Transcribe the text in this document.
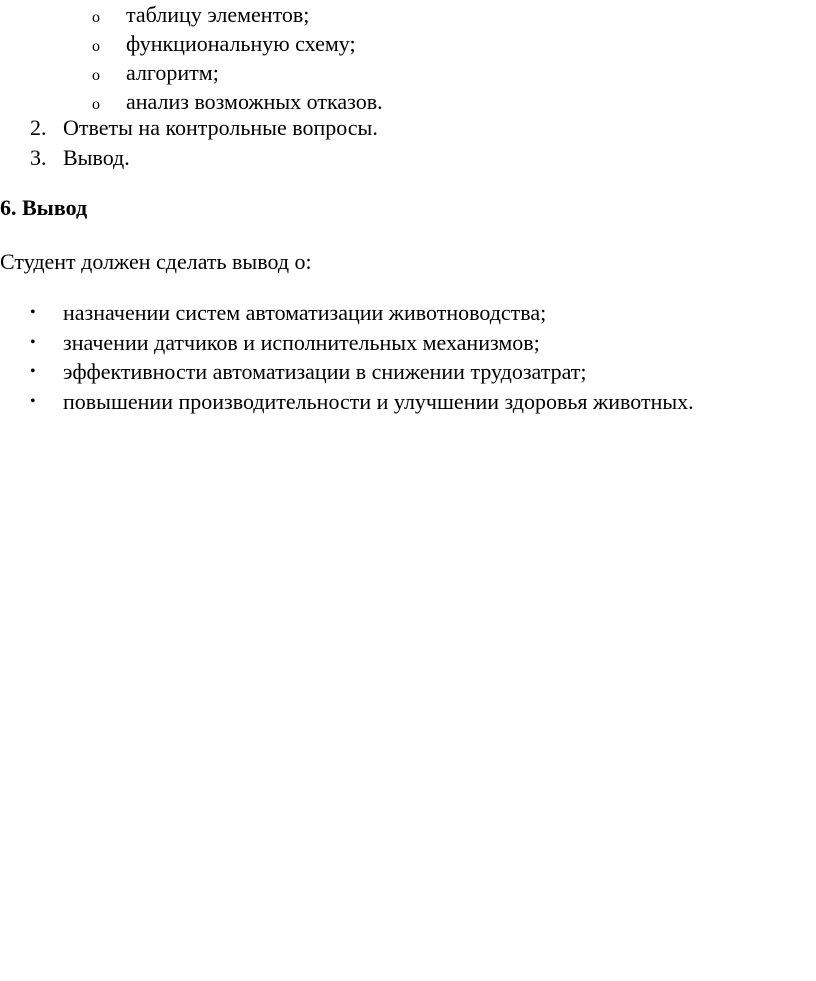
o таблицу элементов;
o функциональную схему;
o алгоритм;
o анализ возможных отказов.
2. Ответы на контрольные вопросы.
3. Вывод.
6. Вывод

Студент должен сделать вывод о:

• назначении систем автоматизации животноводства;
• значении датчиков и исполнительных механизмов;
• эффективности автоматизации в снижении трудозатрат;
• повышении производительности и улучшении здоровья животных.
